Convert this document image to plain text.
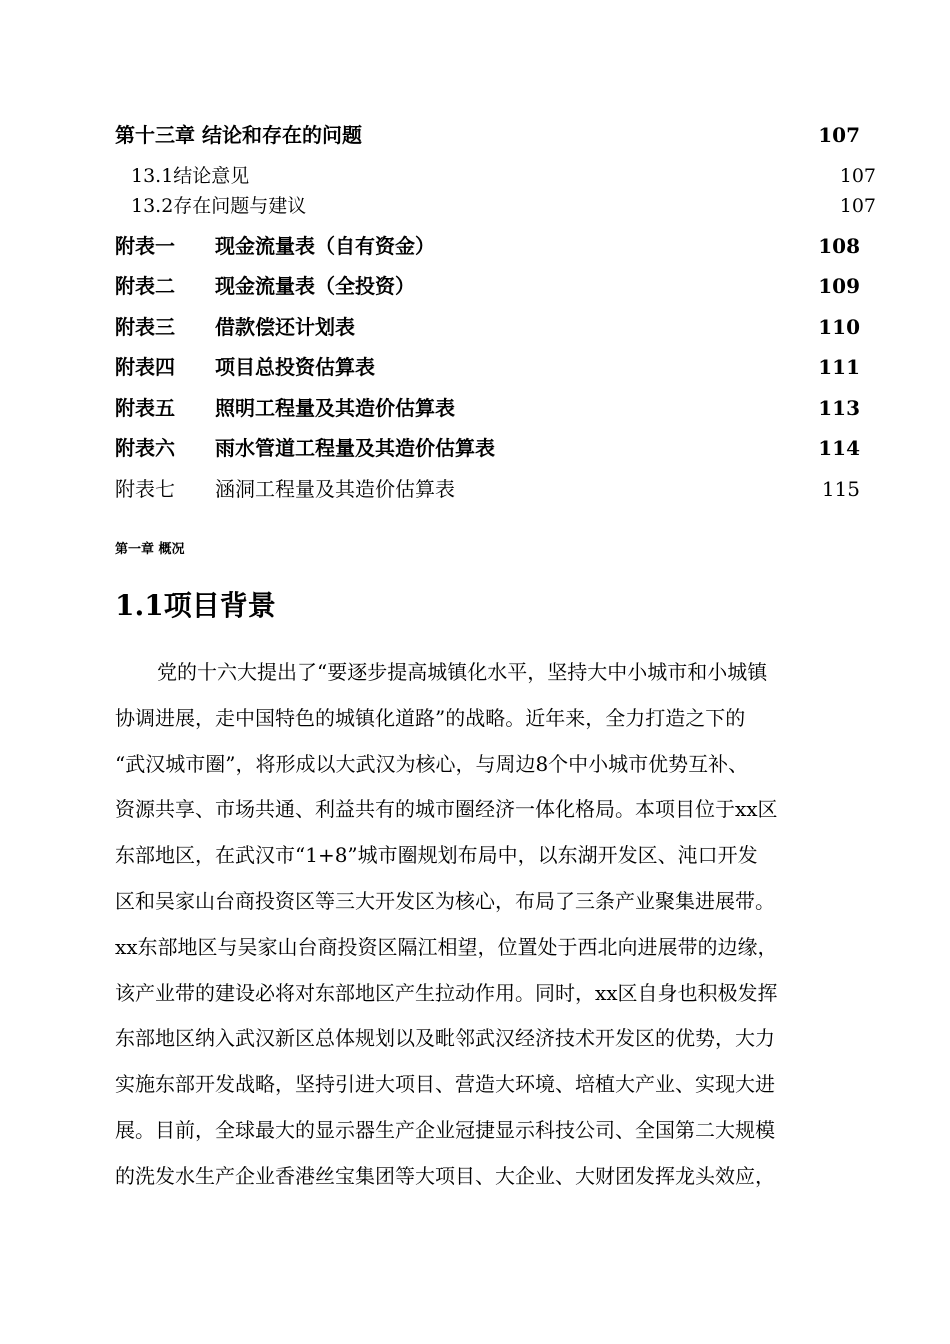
第十三章 结论和存在的问题	107
13.1结论意见	107
13.2存在问题与建议	107
附表一 现金流量表（自有资金）	108
附表二 现金流量表（全投资）	109
附表三 借款偿还计划表	110
附表四 项目总投资估算表	111
附表五 照明工程量及其造价估算表	113
附表六 雨水管道工程量及其造价估算表	114
附表七 涵洞工程量及其造价估算表	115
第一章 概况
1.1项目背景
党的十六大提出了“要逐步提高城镇化水平，坚持大中小城市和小城镇
协调进展，走中国特色的城镇化道路”的战略。近年来，全力打造之下的
“武汉城市圈”，将形成以大武汉为核心，与周边8个中小城市优势互补、
资源共享、市场共通、利益共有的城市圈经济一体化格局。本项目位于xx区
东部地区，在武汉市“1+8”城市圈规划布局中，以东湖开发区、沌口开发
区和吴家山台商投资区等三大开发区为核心，布局了三条产业聚集进展带。
xx东部地区与吴家山台商投资区隔江相望，位置处于西北向进展带的边缘，
该产业带的建设必将对东部地区产生拉动作用。同时，xx区自身也积极发挥
东部地区纳入武汉新区总体规划以及毗邻武汉经济技术开发区的优势，大力
实施东部开发战略，坚持引进大项目、营造大环境、培植大产业、实现大进
展。目前，全球最大的显示器生产企业冠捷显示科技公司、全国第二大规模
的洗发水生产企业香港丝宝集团等大项目、大企业、大财团发挥龙头效应，
